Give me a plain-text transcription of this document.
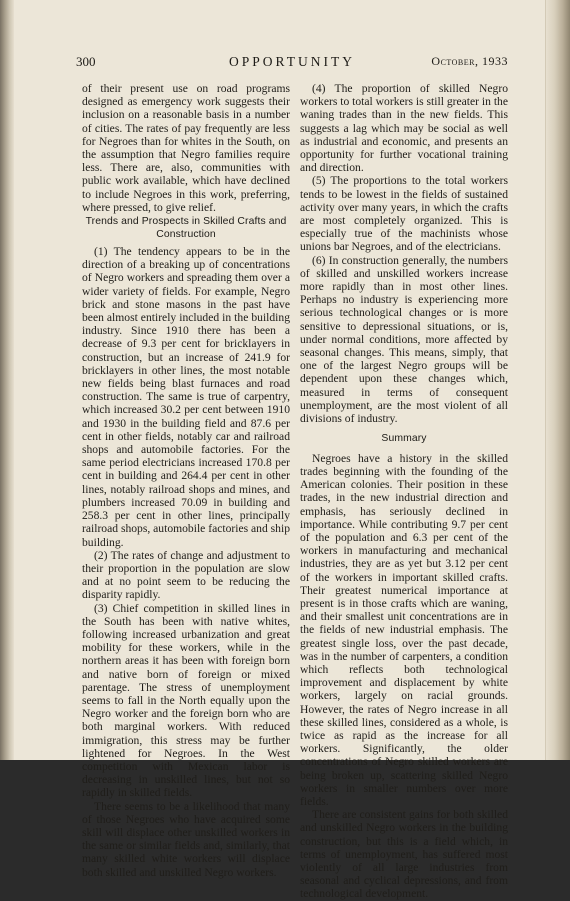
300	OPPORTUNITY	October, 1933

of their present use on road programs designed as emergency work suggests their inclusion on a reasonable basis in a number of cities. The rates of pay frequently are less for Negroes than for whites in the South, on the assumption that Negro families require less. There are, also, communities with public work available, which have declined to include Negroes in this work, preferring, where pressed, to give relief.

Trends and Prospects in Skilled Crafts and Construction

(1) The tendency appears to be in the direction of a breaking up of concentrations of Negro workers and spreading them over a wider variety of fields. For example, Negro brick and stone masons in the past have been almost entirely included in the building industry. Since 1910 there has been a decrease of 9.3 per cent for bricklayers in construction, but an increase of 241.9 for bricklayers in other lines, the most notable new fields being blast furnaces and road construction. The same is true of carpentry, which increased 30.2 per cent between 1910 and 1930 in the building field and 87.6 per cent in other fields, notably car and railroad shops and automobile factories. For the same period electricians increased 170.8 per cent in building and 264.4 per cent in other lines, notably railroad shops and mines, and plumbers increased 70.09 in building and 258.3 per cent in other lines, principally railroad shops, automobile factories and ship building.

(2) The rates of change and adjustment to their proportion in the population are slow and at no point seem to be reducing the disparity rapidly.

(3) Chief competition in skilled lines in the South has been with native whites, following increased urbanization and great mobility for these workers, while in the northern areas it has been with foreign born and native born of foreign or mixed parentage. The stress of unemployment seems to fall in the North equally upon the Negro worker and the foreign born who are both marginal workers. With reduced immigration, this stress may be further lightened for Negroes. In the West competition with Mexican labor is decreasing in unskilled lines, but not so rapidly in skilled fields.

There seems to be a likelihood that many of those Negroes who have acquired some skill will displace other unskilled workers in the same or similar fields and, similarly, that many skilled white workers will displace both skilled and unskilled Negro workers.

(4) The proportion of skilled Negro workers to total workers is still greater in the waning trades than in the new fields. This suggests a lag which may be social as well as industrial and economic, and presents an opportunity for further vocational training and direction.

(5) The proportions to the total workers tends to be lowest in the fields of sustained activity over many years, in which the crafts are most completely organized. This is especially true of the machinists whose unions bar Negroes, and of the electricians.

(6) In construction generally, the numbers of skilled and unskilled workers increase more rapidly than in most other lines. Perhaps no industry is experiencing more serious technological changes or is more sensitive to depressional situations, or is, under normal conditions, more affected by seasonal changes. This means, simply, that one of the largest Negro groups will be dependent upon these changes which, measured in terms of consequent unemployment, are the most violent of all divisions of industry.

Summary

Negroes have a history in the skilled trades beginning with the founding of the American colonies. Their position in these trades, in the new industrial direction and emphasis, has seriously declined in importance. While contributing 9.7 per cent of the population and 6.3 per cent of the workers in manufacturing and mechanical industries, they are as yet but 3.12 per cent of the workers in important skilled crafts. Their greatest numerical importance at present is in those crafts which are waning, and their smallest unit concentrations are in the fields of new industrial emphasis. The greatest single loss, over the past decade, was in the number of carpenters, a condition which reflects both technological improvement and displacement by white workers, largely on racial grounds. However, the rates of Negro increase in all these skilled lines, considered as a whole, is twice as rapid as the increase for all workers. Significantly, the older concentrations of Negro skilled workers are being broken up, scattering skilled Negro workers in smaller numbers over more fields.

There are consistent gains for both skilled and unskilled Negro workers in the building construction, but this is a field which, in terms of unemployment, has suffered most violently of all large industries from seasonal and cyclical depressions, and from technological development.
